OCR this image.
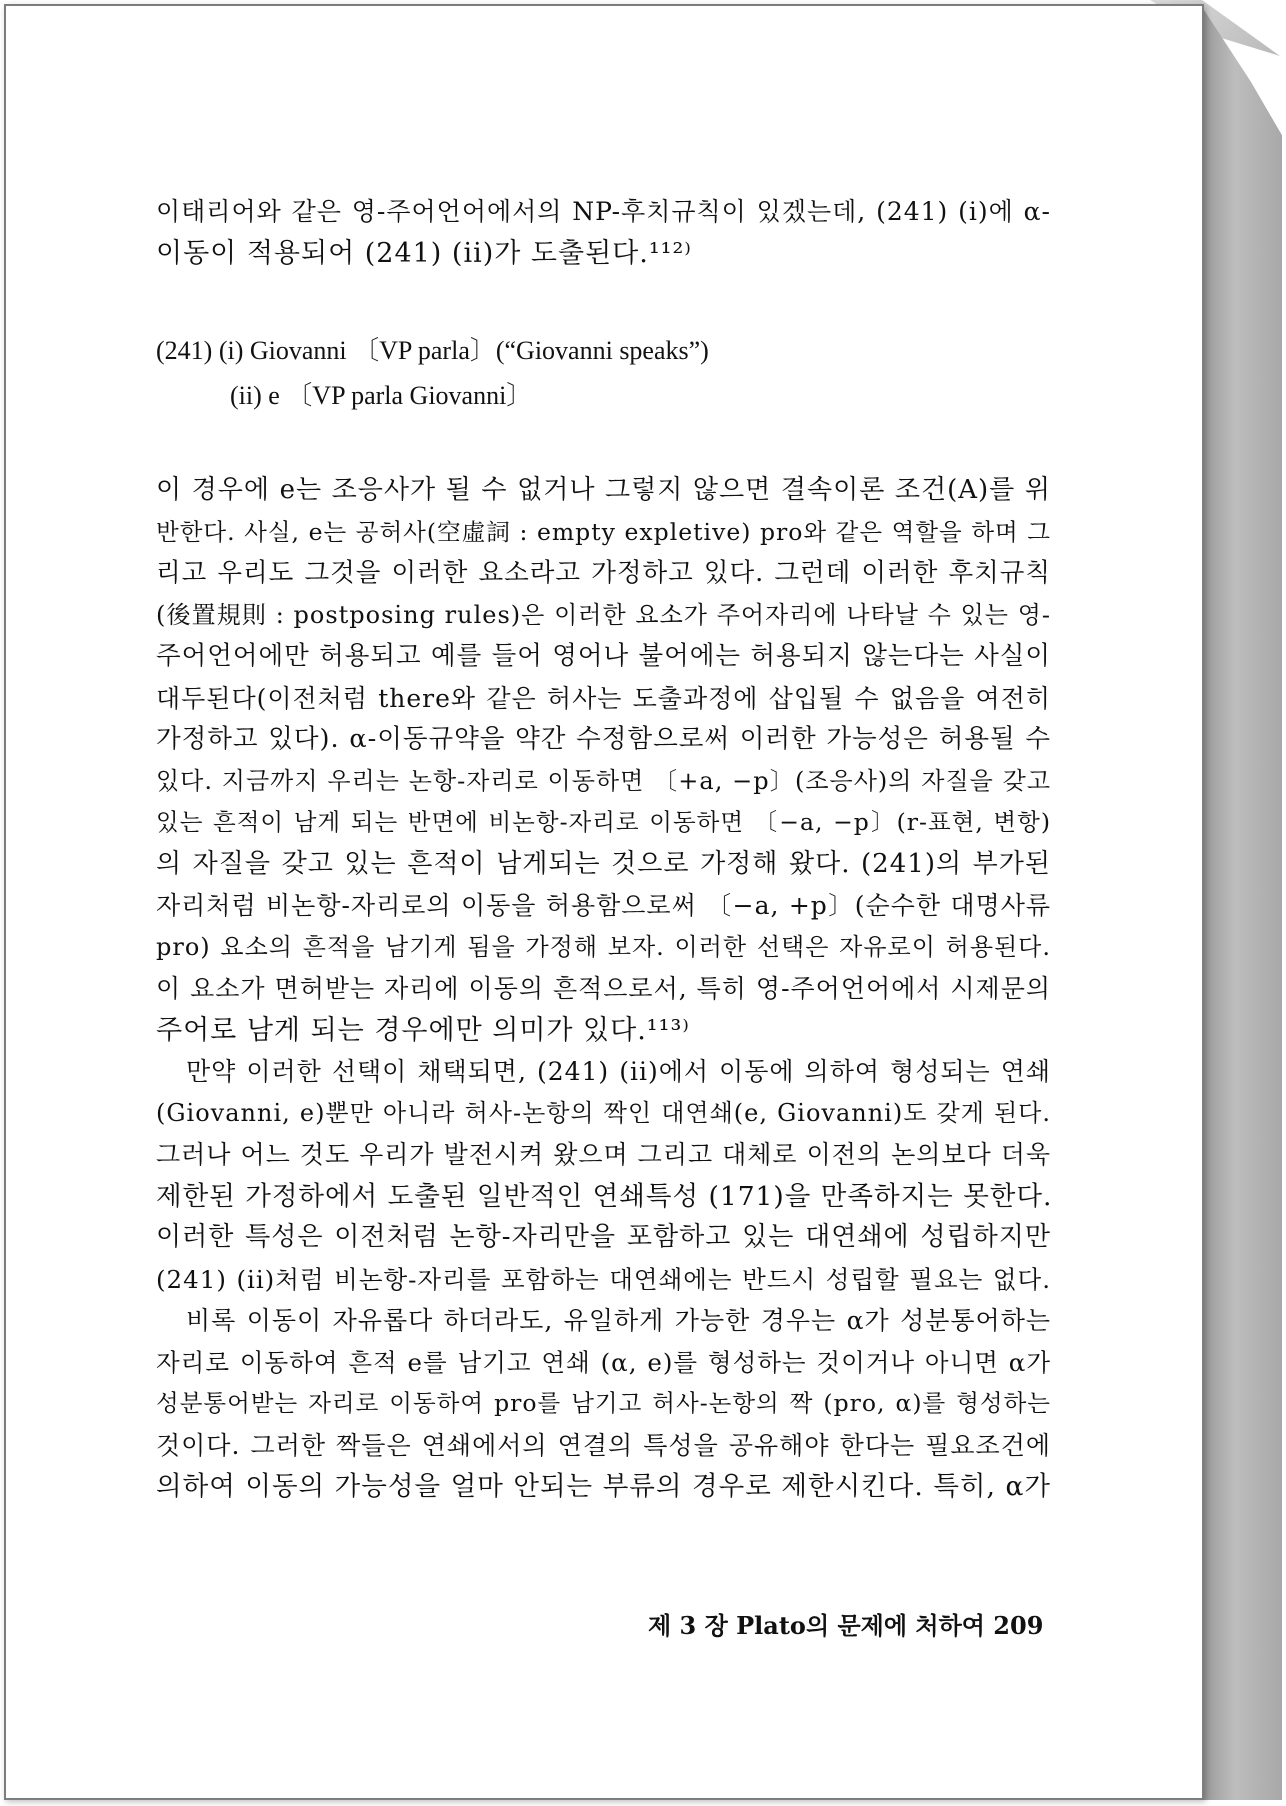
이태리어와 같은 영-주어언어에서의 NP-후치규칙이 있겠는데, (241) (i)에 α-
이동이 적용되어 (241) (ii)가 도출된다.¹¹²⁾
(241) (i) Giovanni 〔VP parla〕(“Giovanni speaks”)
(ii) e 〔VP parla Giovanni〕
이 경우에 e는 조응사가 될 수 없거나 그렇지 않으면 결속이론 조건(A)를 위
반한다. 사실, e는 공허사(空虛詞 : empty expletive) pro와 같은 역할을 하며 그
리고 우리도 그것을 이러한 요소라고 가정하고 있다. 그런데 이러한 후치규칙
(後置規則 : postposing rules)은 이러한 요소가 주어자리에 나타날 수 있는 영-
주어언어에만 허용되고 예를 들어 영어나 불어에는 허용되지 않는다는 사실이
대두된다(이전처럼 there와 같은 허사는 도출과정에 삽입될 수 없음을 여전히
가정하고 있다). α-이동규약을 약간 수정함으로써 이러한 가능성은 허용될 수
있다. 지금까지 우리는 논항-자리로 이동하면 〔+a, −p〕(조응사)의 자질을 갖고
있는 흔적이 남게 되는 반면에 비논항-자리로 이동하면 〔−a, −p〕(r-표현, 변항)
의 자질을 갖고 있는 흔적이 남게되는 것으로 가정해 왔다. (241)의 부가된
자리처럼 비논항-자리로의 이동을 허용함으로써 〔−a, +p〕(순수한 대명사류
pro) 요소의 흔적을 남기게 됨을 가정해 보자. 이러한 선택은 자유로이 허용된다.
이 요소가 면허받는 자리에 이동의 흔적으로서, 특히 영-주어언어에서 시제문의
주어로 남게 되는 경우에만 의미가 있다.¹¹³⁾
만약 이러한 선택이 채택되면, (241) (ii)에서 이동에 의하여 형성되는 연쇄
(Giovanni, e)뿐만 아니라 허사-논항의 짝인 대연쇄(e, Giovanni)도 갖게 된다.
그러나 어느 것도 우리가 발전시켜 왔으며 그리고 대체로 이전의 논의보다 더욱
제한된 가정하에서 도출된 일반적인 연쇄특성 (171)을 만족하지는 못한다.
이러한 특성은 이전처럼 논항-자리만을 포함하고 있는 대연쇄에 성립하지만
(241) (ii)처럼 비논항-자리를 포함하는 대연쇄에는 반드시 성립할 필요는 없다.
비록 이동이 자유롭다 하더라도, 유일하게 가능한 경우는 α가 성분통어하는
자리로 이동하여 흔적 e를 남기고 연쇄 (α, e)를 형성하는 것이거나 아니면 α가
성분통어받는 자리로 이동하여 pro를 남기고 허사-논항의 짝 (pro, α)를 형성하는
것이다. 그러한 짝들은 연쇄에서의 연결의 특성을 공유해야 한다는 필요조건에
의하여 이동의 가능성을 얼마 안되는 부류의 경우로 제한시킨다. 특히, α가
제 3 장 Plato의 문제에 처하여 209
